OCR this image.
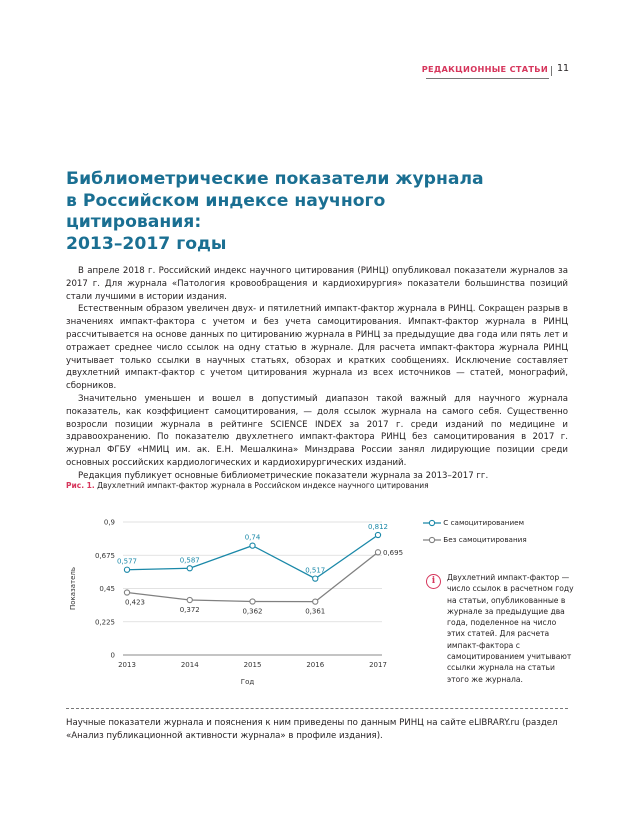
РЕДАКЦИОННЫЕ СТАТЬИ 11
Библиометрические показатели журнала
в Российском индексе научного цитирования:
2013–2017 годы

В апреле 2018 г. Российский индекс научного цитирования (РИНЦ) опубликовал показатели журналов за 2017 г. Для журнала «Патология кровообращения и кардиохирургия» показатели большинства позиций стали лучшими в истории издания.

Естественным образом увеличен двух- и пятилетний импакт-фактор журнала в РИНЦ. Сокращен разрыв в значениях импакт-фактора с учетом и без учета самоцитирования. Импакт-фактор журнала в РИНЦ рассчитывается на основе данных по цитированию журнала в РИНЦ за предыдущие два года или пять лет и отражает среднее число ссылок на одну статью в журнале. Для расчета импакт-фактора журнала РИНЦ учитывает только ссылки в научных статьях, обзорах и кратких сообщениях. Исключение составляет двухлетний импакт-фактор с учетом цитирования журнала из всех источников — статей, монографий, сборников.

Значительно уменьшен и вошел в допустимый диапазон такой важный для научного журнала показатель, как коэффициент самоцитирования, — доля ссылок журнала на самого себя. Существенно возросли позиции журнала в рейтинге SCIENCE INDEX за 2017 г. среди изданий по медицине и здравоохранению. По показателю двухлетнего импакт-фактора РИНЦ без самоцитирования в 2017 г. журнал ФГБУ «НМИЦ им. ак. Е.Н. Мешалкина» Минздрава России занял лидирующие позиции среди основных российских кардиологических и кардиохирургических изданий.

Редакция публикует основные библиометрические показатели журнала за 2013–2017 гг.

Рис. 1. Двухлетний импакт-фактор журнала в Российском индексе научного цитирования
0
0,225
0,45
0,675
0,9
2013	2014	2015	2016	2017
Год
Показатель
0,577	0,587
0,74
0,517
0,812
0,423
0,372	0,362	0,361
0,695
С самоцитированием
Без самоцитирования
i	Двухлетний импакт-фактор — число ссылок в расчетном году на статьи, опубликованные в журнале за предыдущие два года, поделенное на число этих статей. Для расчета импакт-фактора с самоцитированием учитывают ссылки журнала на статьи этого же журнала.
Научные показатели журнала и пояснения к ним приведены по данным РИНЦ на сайте eLIBRARY.ru (раздел «Анализ публикационной активности журнала» в профиле издания).
